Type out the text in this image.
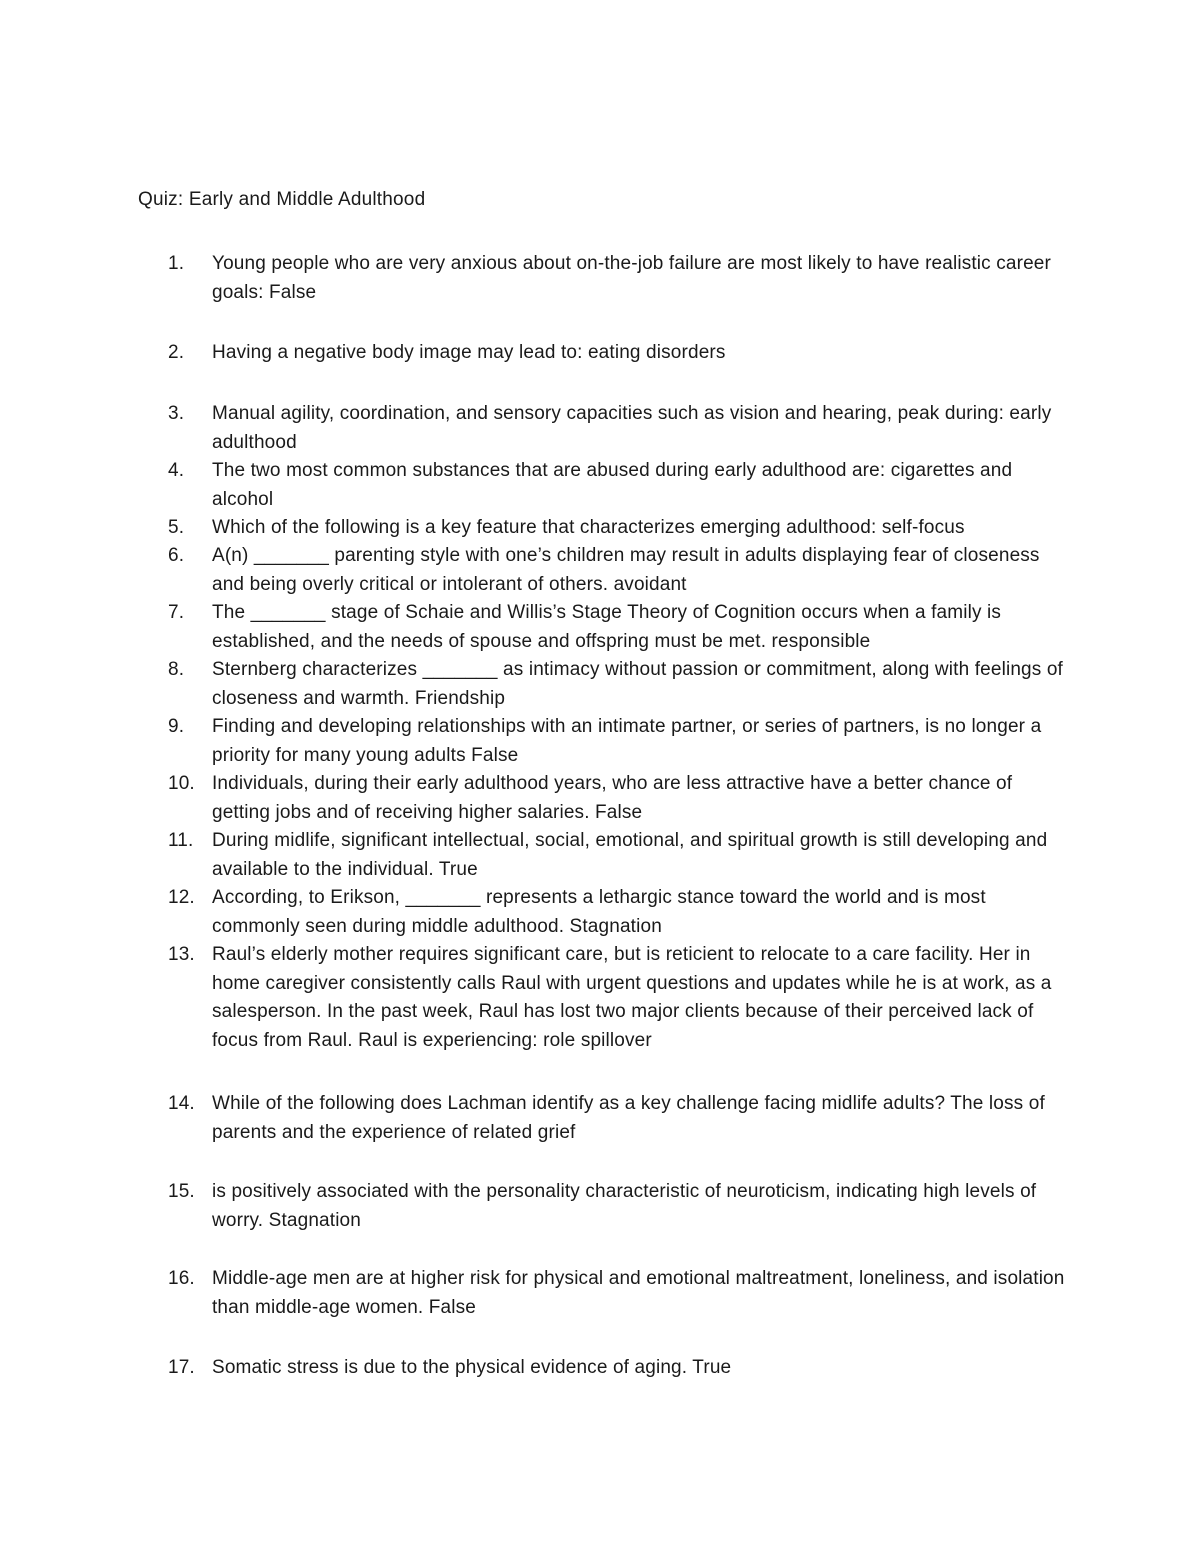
Quiz: Early and Middle Adulthood
1.	Young people who are very anxious about on-the-job failure are most likely to have realistic career goals: False
2.	Having a negative body image may lead to: eating disorders
3.	Manual agility, coordination, and sensory capacities such as vision and hearing, peak during: early adulthood
4.	The two most common substances that are abused during early adulthood are: cigarettes and alcohol
5.	Which of the following is a key feature that characterizes emerging adulthood: self-focus
6.	A(n) _______ parenting style with one’s children may result in adults displaying fear of closeness and being overly critical or intolerant of others. avoidant
7.	The _______ stage of Schaie and Willis’s Stage Theory of Cognition occurs when a family is established, and the needs of spouse and offspring must be met. responsible
8.	Sternberg characterizes _______ as intimacy without passion or commitment, along with feelings of closeness and warmth. Friendship
9.	Finding and developing relationships with an intimate partner, or series of partners, is no longer a priority for many young adults False
10. Individuals, during their early adulthood years, who are less attractive have a better chance of getting jobs and of receiving higher salaries. False
11. During midlife, significant intellectual, social, emotional, and spiritual growth is still developing and available to the individual. True
12. According, to Erikson, _______ represents a lethargic stance toward the world and is most commonly seen during middle adulthood. Stagnation
13. Raul’s elderly mother requires significant care, but is reticient to relocate to a care facility. Her in home caregiver consistently calls Raul with urgent questions and updates while he is at work, as a salesperson. In the past week, Raul has lost two major clients because of their perceived lack of focus from Raul. Raul is experiencing: role spillover
14. While of the following does Lachman identify as a key challenge facing midlife adults? The loss of parents and the experience of related grief
15. is positively associated with the personality characteristic of neuroticism, indicating high levels of worry. Stagnation
16. Middle-age men are at higher risk for physical and emotional maltreatment, loneliness, and isolation than middle-age women. False
17. Somatic stress is due to the physical evidence of aging. True
